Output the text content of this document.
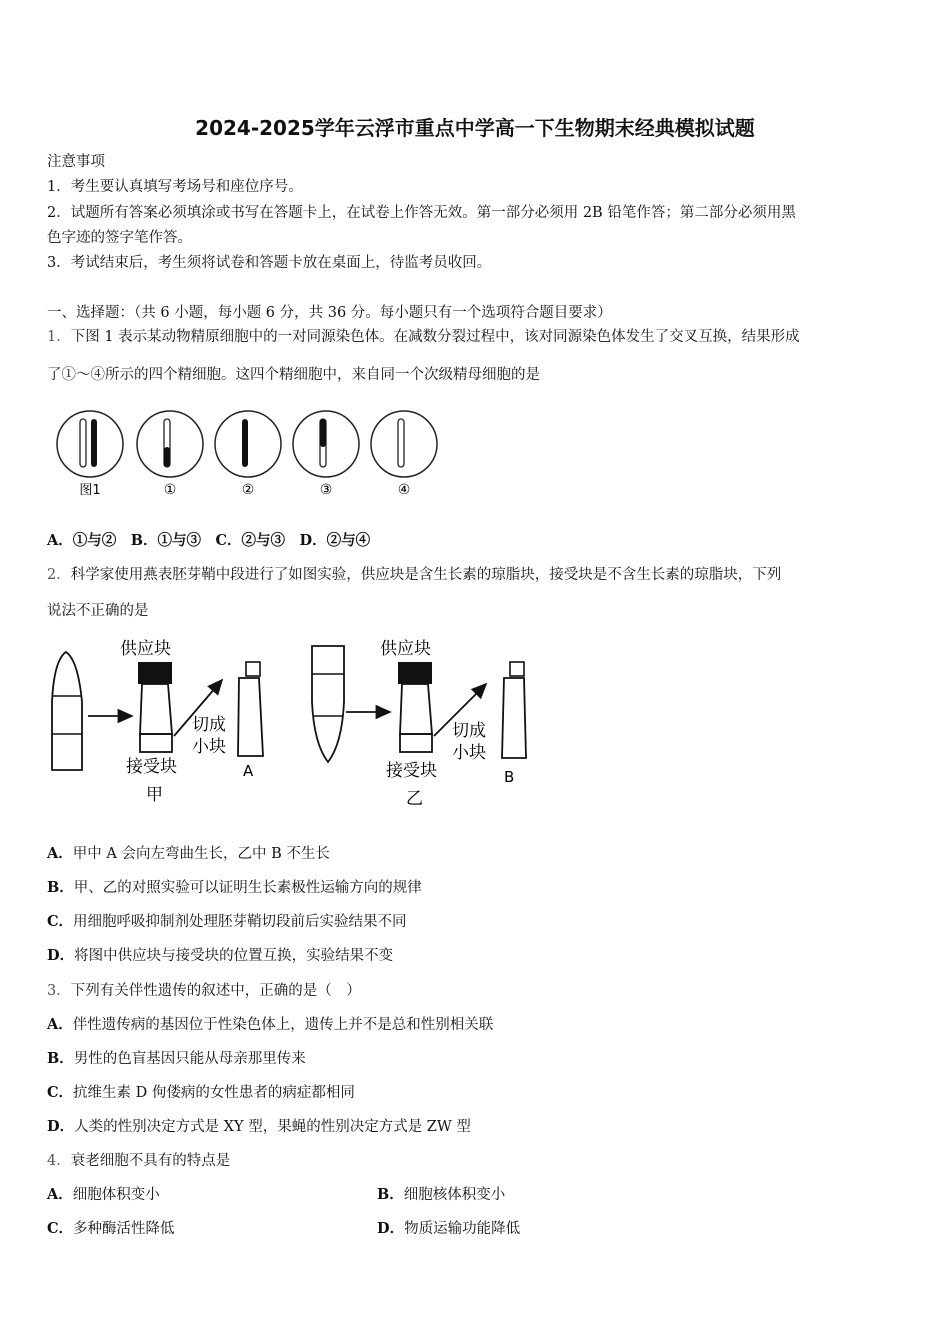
2024-2025学年云浮市重点中学高一下生物期末经典模拟试题
注意事项
1．考生要认真填写考场号和座位序号。
2．试题所有答案必须填涂或书写在答题卡上，在试卷上作答无效。第一部分必须用 2B 铅笔作答；第二部分必须用黑
色字迹的签字笔作答。
3．考试结束后，考生须将试卷和答题卡放在桌面上，待监考员收回。
一、选择题：（共 6 小题，每小题 6 分，共 36 分。每小题只有一个选项符合题目要求）
1．下图 1 表示某动物精原细胞中的一对同源染色体。在减数分裂过程中，该对同源染色体发生了交叉互换，结果形成
了①～④所示的四个精细胞。这四个精细胞中，来自同一个次级精母细胞的是
图1	①	②	③	④
A．①与②　B．①与③　C．②与③　D．②与④
2．科学家使用燕表胚芽鞘中段进行了如图实验，供应块是含生长素的琼脂块，接受块是不含生长素的琼脂块，下列
说法不正确的是
供应块
切成
小块
接受块	A
甲
供应块
切成
小块
接受块	B
乙
A．甲中 A 会向左弯曲生长，乙中 B 不生长
B．甲、乙的对照实验可以证明生长素极性运输方向的规律
C．用细胞呼吸抑制剂处理胚芽鞘切段前后实验结果不同
D．将图中供应块与接受块的位置互换，实验结果不变
3．下列有关伴性遗传的叙述中，正确的是（　）
A．伴性遗传病的基因位于性染色体上，遗传上并不是总和性别相关联
B．男性的色盲基因只能从母亲那里传来
C．抗维生素 D 佝偻病的女性患者的病症都相同
D．人类的性别决定方式是 XY 型，果蝇的性别决定方式是 ZW 型
4．衰老细胞不具有的特点是
A．细胞体积变小	B．细胞核体积变小
C．多种酶活性降低	D．物质运输功能降低
